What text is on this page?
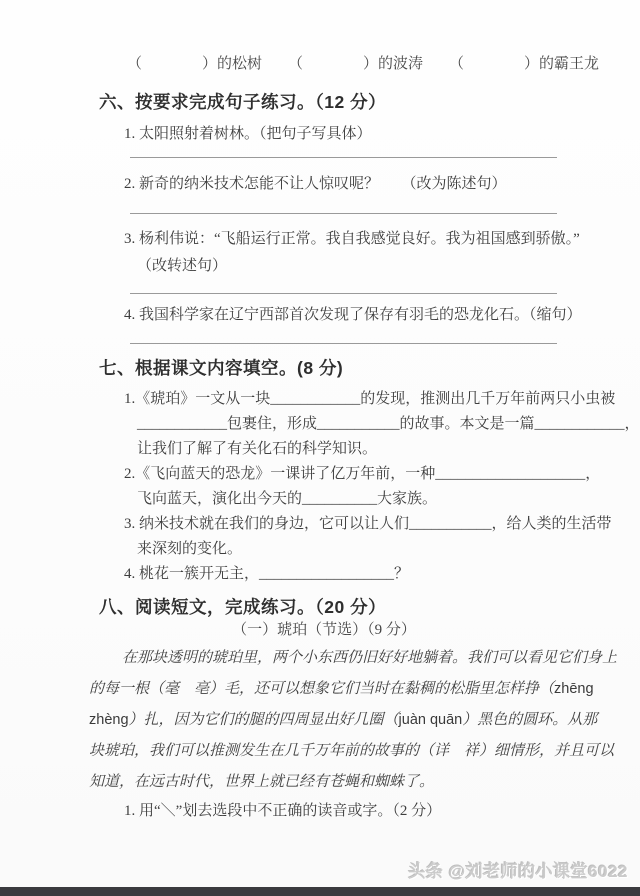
（　　　　）的松树 （　　　　）的波涛 （　　　　）的霸王龙
六、按要求完成句子练习。（12 分）
1. 太阳照射着树林。（把句子写具体）
2. 新奇的纳米技术怎能不让人惊叹呢？　　（改为陈述句）
3. 杨利伟说：“飞船运行正常。我自我感觉良好。我为祖国感到骄傲。”
（改转述句）
4. 我国科学家在辽宁西部首次发现了保存有羽毛的恐龙化石。（缩句）
七、根据课文内容填空。(8 分)
1.《琥珀》一文从一块____________的发现，推测出几千万年前两只小虫被
____________包裹住，形成___________的故事。本文是一篇____________，
让我们了解了有关化石的科学知识。
2.《飞向蓝天的恐龙》一课讲了亿万年前，一种____________________，
飞向蓝天，演化出今天的__________大家族。
3. 纳米技术就在我们的身边，它可以让人们___________，给人类的生活带
来深刻的变化。
4. 桃花一簇开无主，__________________？
八、阅读短文，完成练习。（20 分）
（一）琥珀（节选）（9 分）
在那块透明的琥珀里，两个小东西仍旧好好地躺着。我们可以看见它们身上
的每一根（毫　亳）毛，还可以想象它们当时在黏稠的松脂里怎样挣（zhēng
zhèng）扎，因为它们的腿的四周显出好几圈（juàn quān）黑色的圆环。从那
块琥珀，我们可以推测发生在几千万年前的故事的（详　祥）细情形，并且可以
知道，在远古时代，世界上就已经有苍蝇和蜘蛛了。
1. 用“＼”划去选段中不正确的读音或字。（2 分）
头条 @刘老师的小课堂6022
